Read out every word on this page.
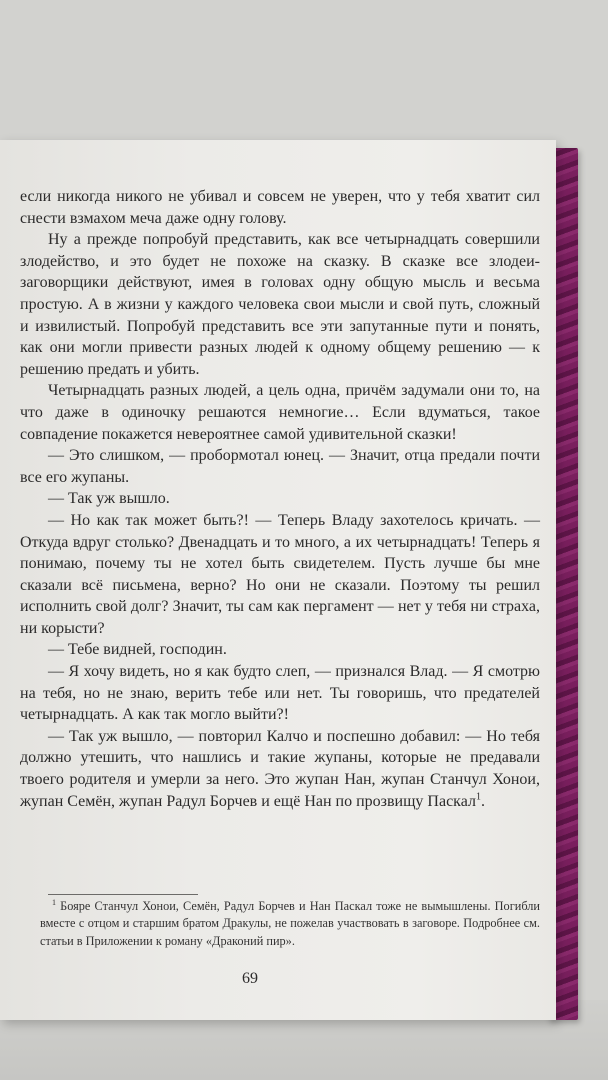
если никогда никого не убивал и совсем не уверен, что у тебя хватит сил снести взмахом меча даже одну голову.

Ну а прежде попробуй представить, как все четырнадцать совершили злодейство, и это будет не похоже на сказку. В сказке все злодеи-заговорщики действуют, имея в головах одну общую мысль и весьма простую. А в жизни у каждого человека свои мысли и свой путь, сложный и извилистый. Попробуй представить все эти запутанные пути и понять, как они могли привести разных людей к одному общему решению — к решению предать и убить.

Четырнадцать разных людей, а цель одна, причём задумали они то, на что даже в одиночку решаются немногие… Если вдуматься, такое совпадение покажется невероятнее самой удивительной сказки!

— Это слишком, — пробормотал юнец. — Значит, отца предали почти все его жупаны.

— Так уж вышло.

— Но как так может быть?! — Теперь Владу захотелось кричать. — Откуда вдруг столько? Двенадцать и то много, а их четырнадцать! Теперь я понимаю, почему ты не хотел быть свидетелем. Пусть лучше бы мне сказали всё письмена, верно? Но они не сказали. Поэтому ты решил исполнить свой долг? Значит, ты сам как пергамент — нет у тебя ни страха, ни корысти?

— Тебе видней, господин.

— Я хочу видеть, но я как будто слеп, — признался Влад. — Я смотрю на тебя, но не знаю, верить тебе или нет. Ты говоришь, что предателей четырнадцать. А как так могло выйти?!

— Так уж вышло, — повторил Калчо и поспешно добавил: — Но тебя должно утешить, что нашлись и такие жупаны, которые не предавали твоего родителя и умерли за него. Это жупан Нан, жупан Станчул Хонои, жупан Семён, жупан Радул Борчев и ещё Нан по прозвищу Паскал$^1$.

$^1$ Бояре Станчул Хонои, Семён, Радул Борчев и Нан Паскал тоже не вымышлены. Погибли вместе с отцом и старшим братом Дракулы, не пожелав участвовать в заговоре. Подробнее см. статьи в Приложении к роману «Драконий пир».
69
